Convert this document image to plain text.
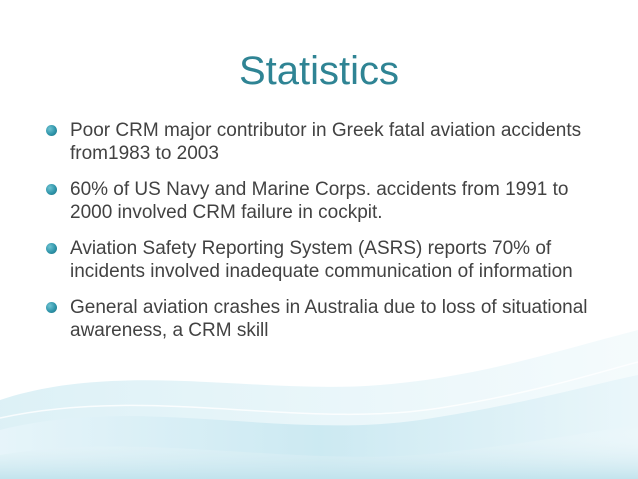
Statistics
Poor CRM major contributor in Greek fatal aviation accidents from1983 to 2003
60% of US Navy and Marine Corps. accidents from 1991 to 2000 involved CRM failure in cockpit.
Aviation Safety Reporting System (ASRS) reports 70% of incidents involved inadequate communication of information
General aviation crashes in Australia due to loss of situational awareness, a CRM skill
